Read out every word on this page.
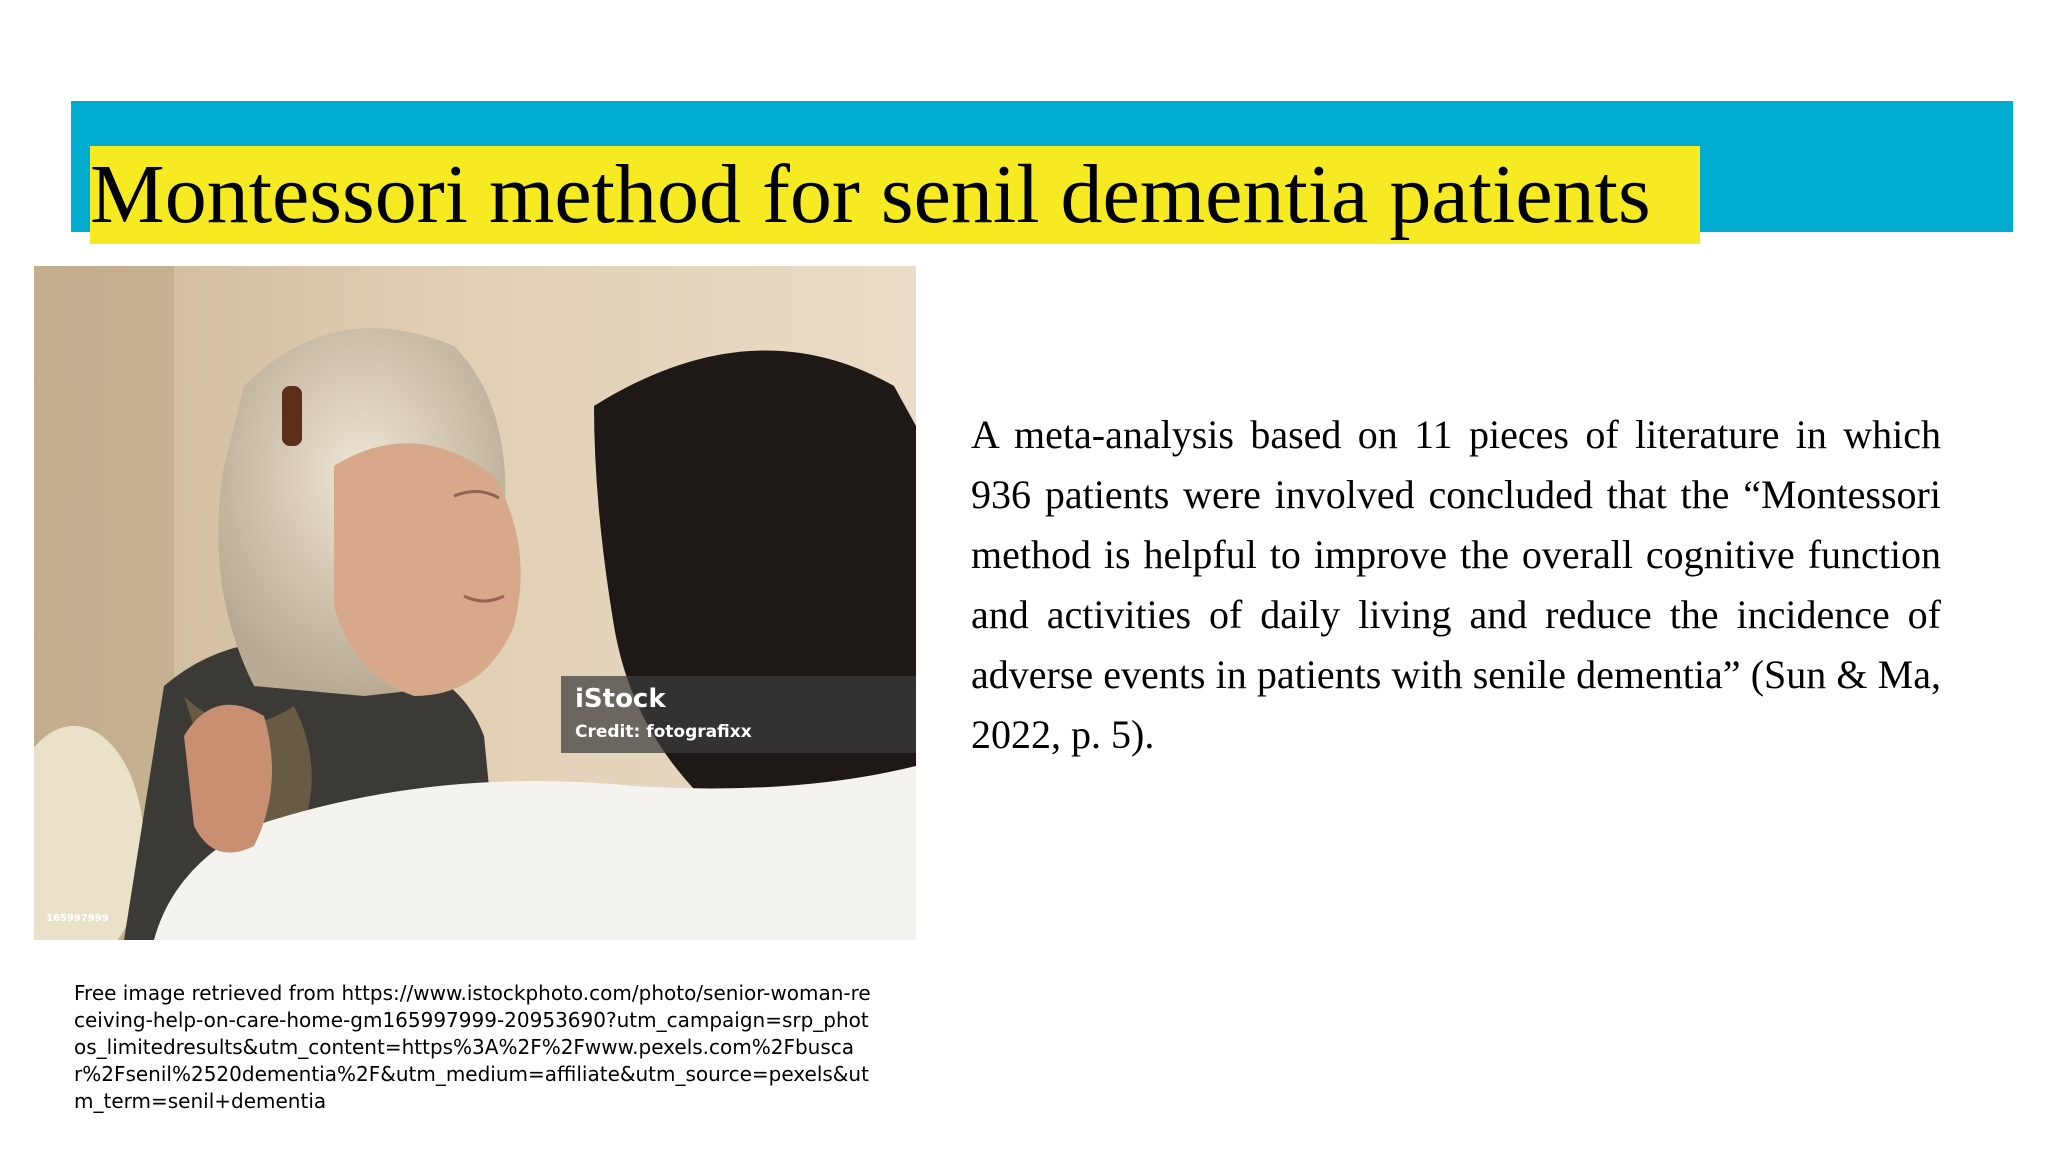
Montessori method for senil dementia patients
iStock
Credit: fotografixx
165997999
A meta-analysis based on 11 pieces of literature in which 936 patients were involved concluded that the “Montessori method is helpful to improve the overall cognitive function and activities of daily living and reduce the incidence of adverse events in patients with senile dementia” (Sun & Ma, 2022, p. 5).
Free image retrieved from https://www.istockphoto.com/photo/senior-woman-receiving-help-on-care-home-gm165997999-20953690?utm_campaign=srp_photos_limitedresults&utm_content=https%3A%2F%2Fwww.pexels.com%2Fbuscar%2Fsenil%2520dementia%2F&utm_medium=affiliate&utm_source=pexels&utm_term=senil+dementia
